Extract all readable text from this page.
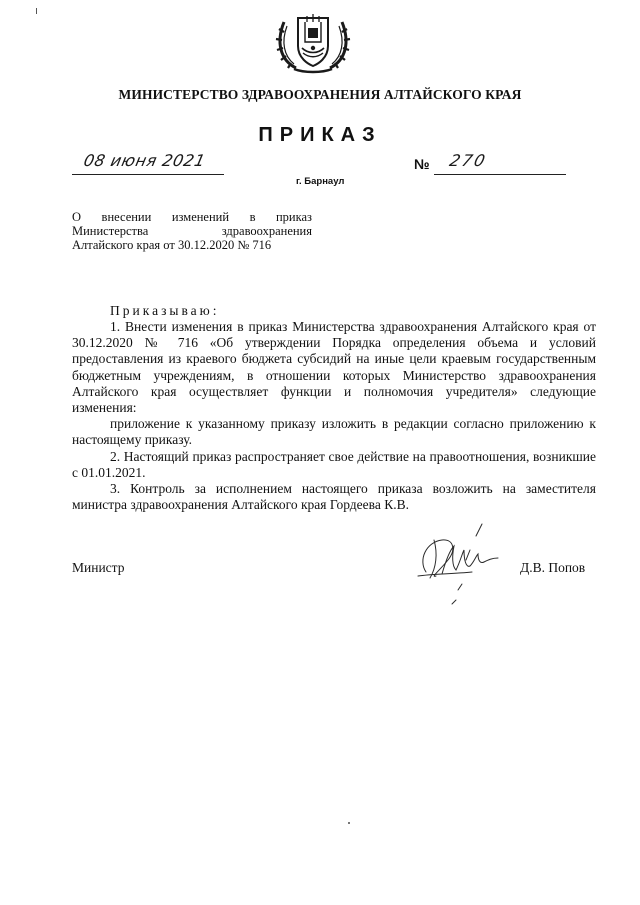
МИНИСТЕРСТВО ЗДРАВООХРАНЕНИЯ АЛТАЙСКОГО КРАЯ
ПРИКАЗ
08 июня 2021	№ 270
г. Барнаул
О внесении изменений в приказ
Министерства здравоохранения
Алтайского края от 30.12.2020 № 716
Приказываю:

1. Внести изменения в приказ Министерства здравоохранения Алтайского края от 30.12.2020 № 716 «Об утверждении Порядка определения объема и условий предоставления из краевого бюджета субсидий на иные цели краевым государственным бюджетным учреждениям, в отношении которых Министерство здравоохранения Алтайского края осуществляет функции и полномочия учредителя» следующие изменения:

приложение к указанному приказу изложить в редакции согласно приложению к настоящему приказу.

2. Настоящий приказ распространяет свое действие на правоотношения, возникшие с 01.01.2021.

3. Контроль за исполнением настоящего приказа возложить на заместителя министра здравоохранения Алтайского края Гордеева К.В.

Министр	Д.В. Попов
